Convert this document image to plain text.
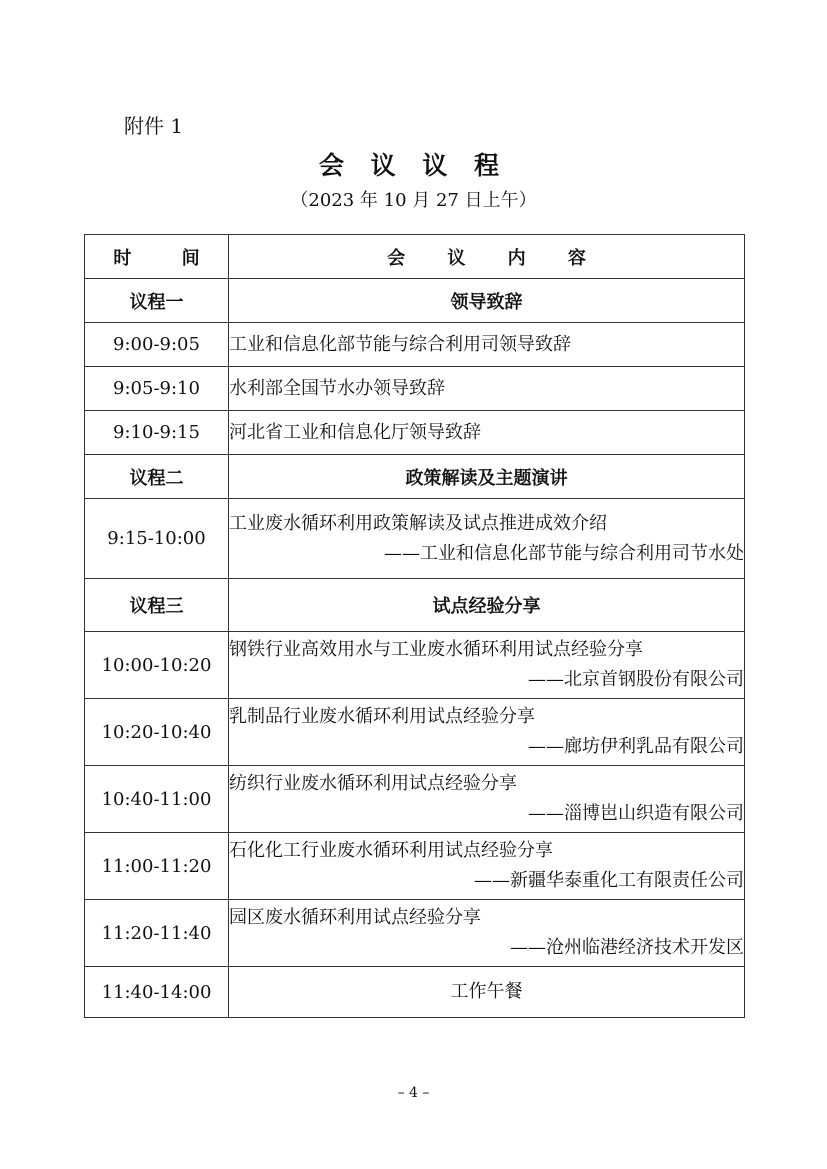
附件 1
会 议 议 程
（2023 年 10 月 27 日上午）
时 间	会 议 内 容
议程一	领导致辞
9:00-9:05	工业和信息化部节能与综合利用司领导致辞
9:05-9:10	水利部全国节水办领导致辞
9:10-9:15	河北省工业和信息化厅领导致辞
议程二	政策解读及主题演讲
9:15-10:00	工业废水循环利用政策解读及试点推进成效介绍
——工业和信息化部节能与综合利用司节水处

议程三	试点经验分享
10:00-10:20	钢铁行业高效用水与工业废水循环利用试点经验分享
——北京首钢股份有限公司

10:20-10:40	乳制品行业废水循环利用试点经验分享
——廊坊伊利乳品有限公司

10:40-11:00	纺织行业废水循环利用试点经验分享
——淄博岜山织造有限公司

11:00-11:20	石化化工行业废水循环利用试点经验分享
——新疆华泰重化工有限责任公司

11:20-11:40	园区废水循环利用试点经验分享
——沧州临港经济技术开发区

11:40-14:00	工作午餐
– 4 –
